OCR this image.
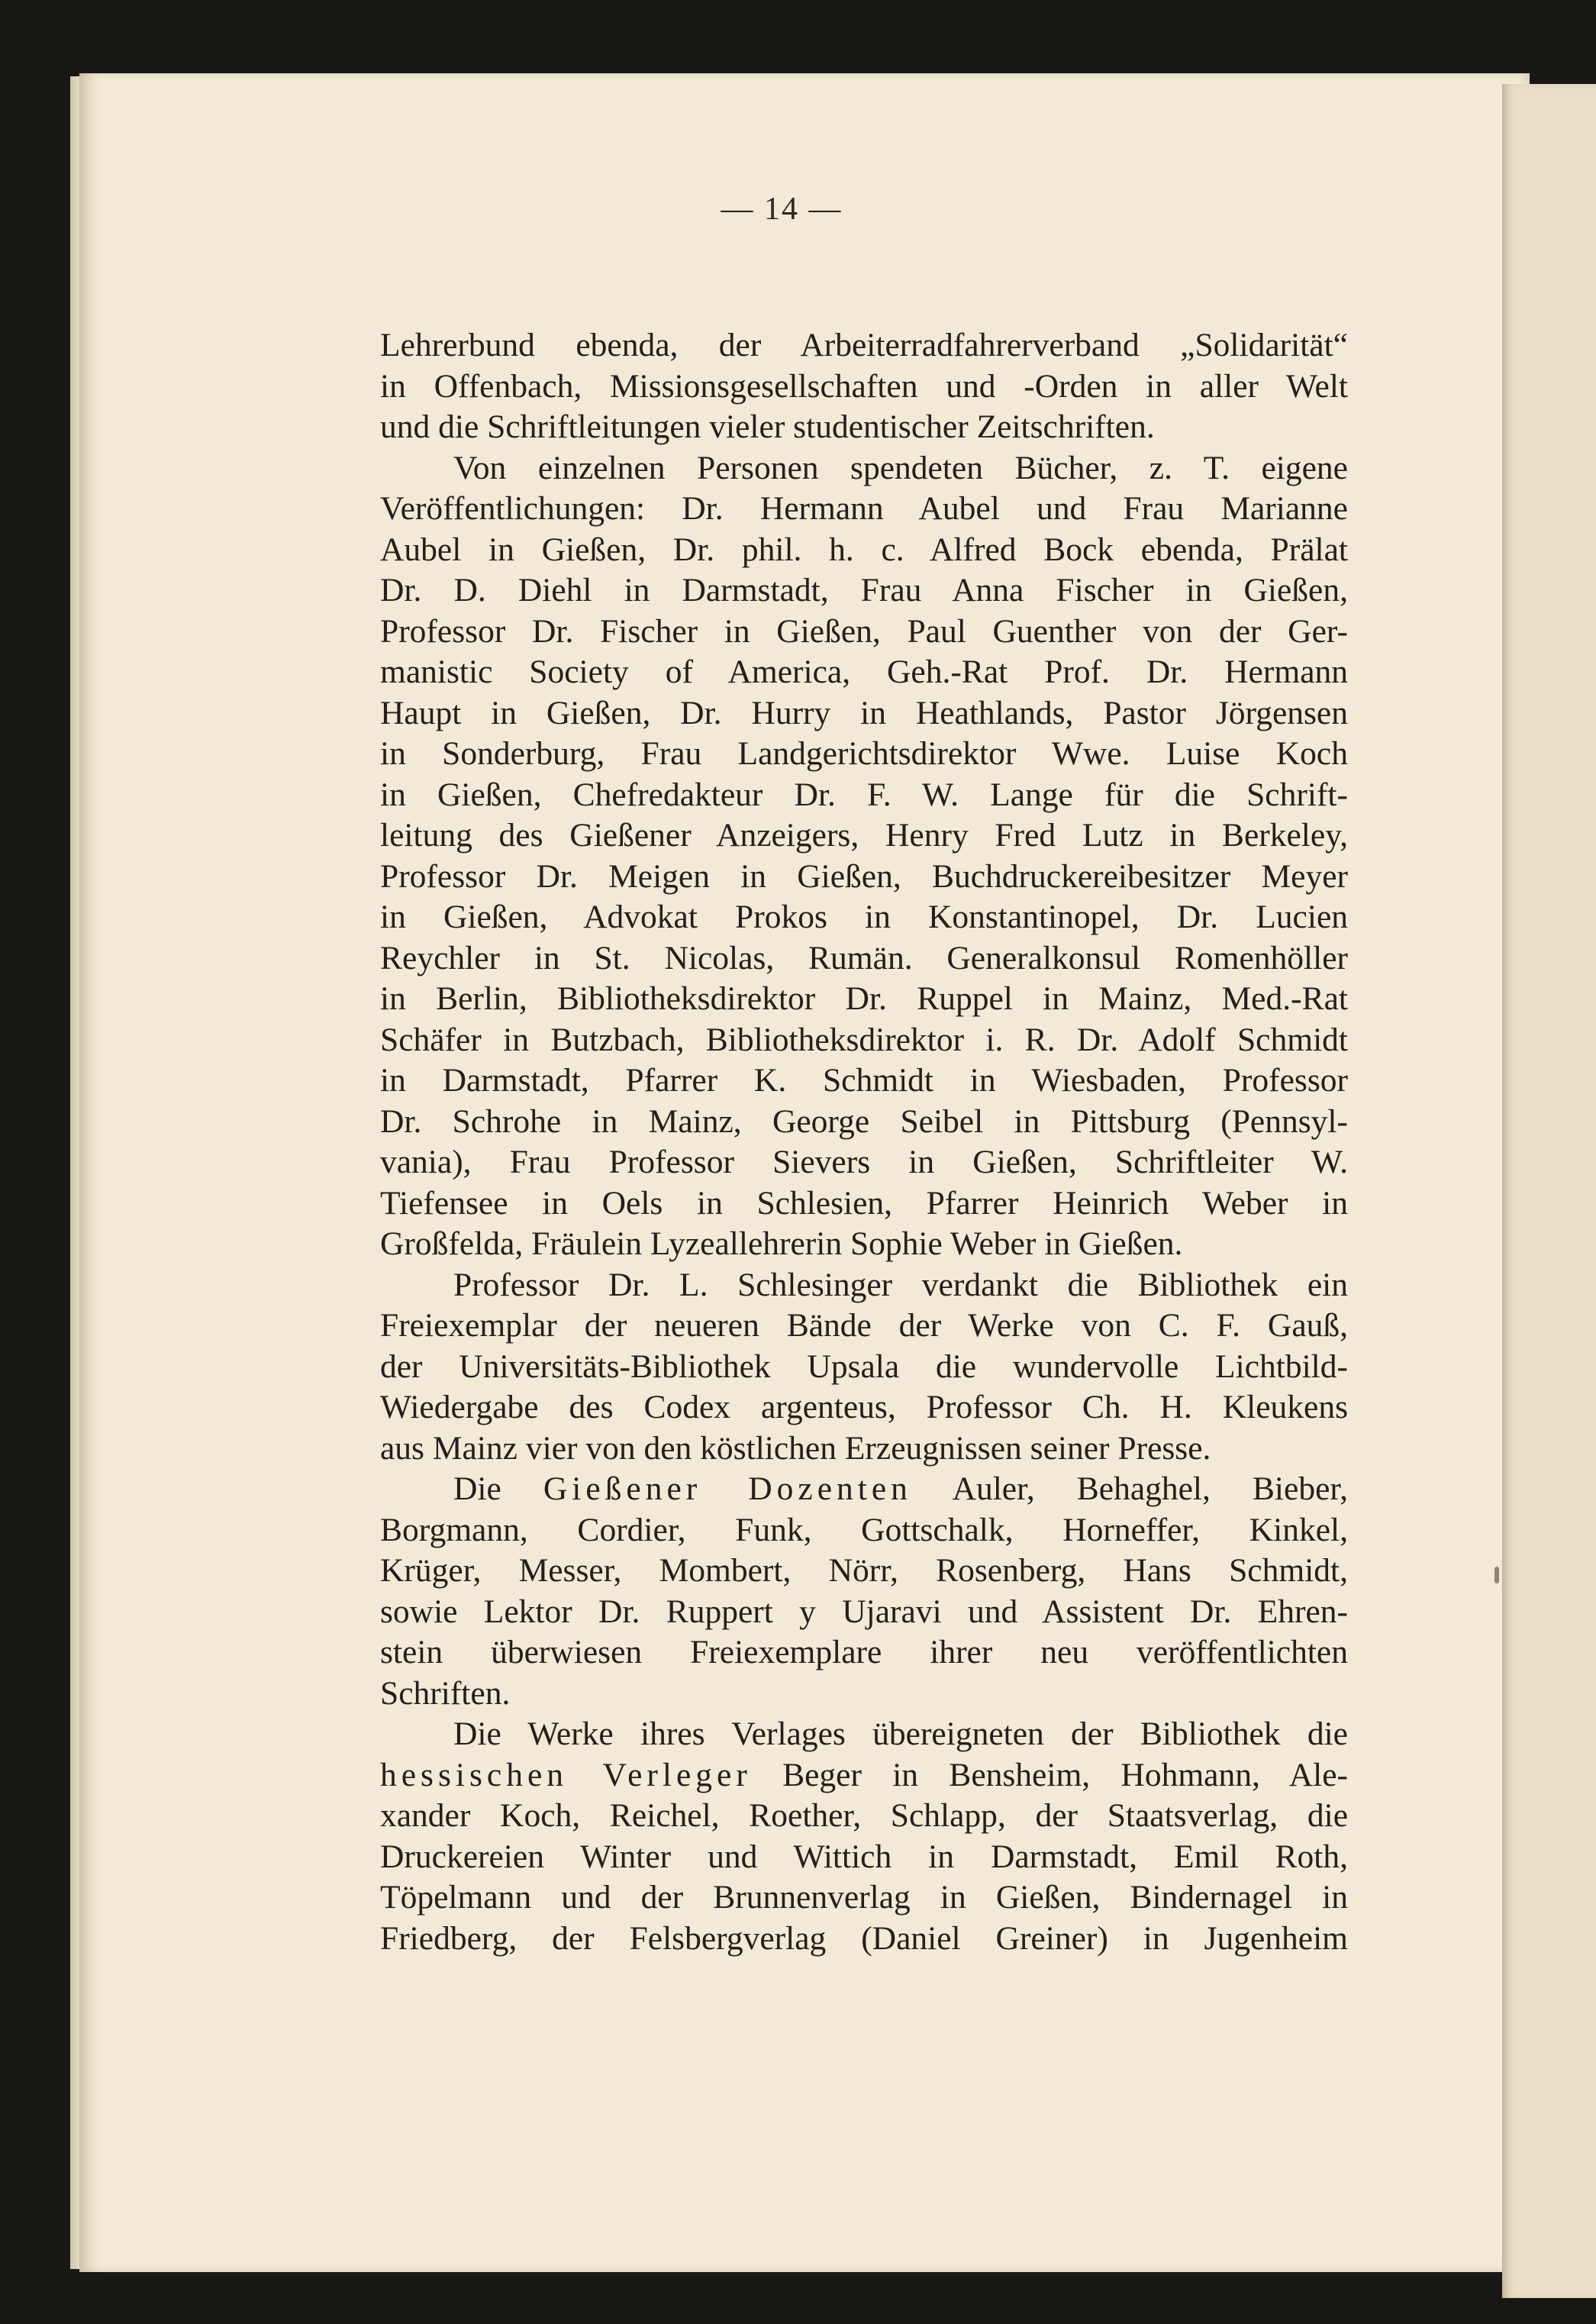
— 14 —
Lehrerbund ebenda, der Arbeiterradfahrerverband „Solidarität“
in Offenbach, Missionsgesellschaften und -Orden in aller Welt
und die Schriftleitungen vieler studentischer Zeitschriften.
Von einzelnen Personen spendeten Bücher, z. T. eigene
Veröffentlichungen: Dr. Hermann Aubel und Frau Marianne
Aubel in Gießen, Dr. phil. h. c. Alfred Bock ebenda, Prälat
Dr. D. Diehl in Darmstadt, Frau Anna Fischer in Gießen,
Professor Dr. Fischer in Gießen, Paul Guenther von der Ger-
manistic Society of America, Geh.-Rat Prof. Dr. Hermann
Haupt in Gießen, Dr. Hurry in Heathlands, Pastor Jörgensen
in Sonderburg, Frau Landgerichtsdirektor Wwe. Luise Koch
in Gießen, Chefredakteur Dr. F. W. Lange für die Schrift-
leitung des Gießener Anzeigers, Henry Fred Lutz in Berkeley,
Professor Dr. Meigen in Gießen, Buchdruckereibesitzer Meyer
in Gießen, Advokat Prokos in Konstantinopel, Dr. Lucien
Reychler in St. Nicolas, Rumän. Generalkonsul Romenhöller
in Berlin, Bibliotheksdirektor Dr. Ruppel in Mainz, Med.-Rat
Schäfer in Butzbach, Bibliotheksdirektor i. R. Dr. Adolf Schmidt
in Darmstadt, Pfarrer K. Schmidt in Wiesbaden, Professor
Dr. Schrohe in Mainz, George Seibel in Pittsburg (Pennsyl-
vania), Frau Professor Sievers in Gießen, Schriftleiter W.
Tiefensee in Oels in Schlesien, Pfarrer Heinrich Weber in
Großfelda, Fräulein Lyzeallehrerin Sophie Weber in Gießen.
Professor Dr. L. Schlesinger verdankt die Bibliothek ein
Freiexemplar der neueren Bände der Werke von C. F. Gauß,
der Universitäts-Bibliothek Upsala die wundervolle Lichtbild-
Wiedergabe des Codex argenteus, Professor Ch. H. Kleukens
aus Mainz vier von den köstlichen Erzeugnissen seiner Presse.
Die Gießener Dozenten Auler, Behaghel, Bieber,
Borgmann, Cordier, Funk, Gottschalk, Horneffer, Kinkel,
Krüger, Messer, Mombert, Nörr, Rosenberg, Hans Schmidt,
sowie Lektor Dr. Ruppert y Ujaravi und Assistent Dr. Ehren-
stein überwiesen Freiexemplare ihrer neu veröffentlichten
Schriften.
Die Werke ihres Verlages übereigneten der Bibliothek die
hessischen Verleger Beger in Bensheim, Hohmann, Ale-
xander Koch, Reichel, Roether, Schlapp, der Staatsverlag, die
Druckereien Winter und Wittich in Darmstadt, Emil Roth,
Töpelmann und der Brunnenverlag in Gießen, Bindernagel in
Friedberg, der Felsbergverlag (Daniel Greiner) in Jugenheim
